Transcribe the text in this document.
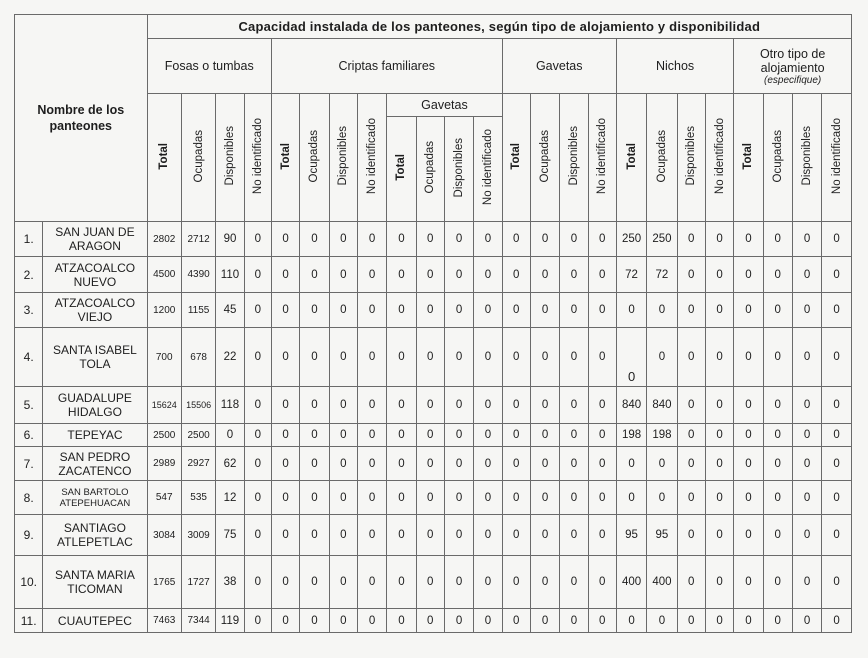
Nombre de los panteones		Capacidad instalada de los panteones, según tipo de alojamiento y disponibilidad																							
		Fosas o tumbas				Criptas familiares								Gavetas				Nichos				Otro tipo de alojamiento
(especifique)			

		Total	Ocupadas	Disponibles	No identificado	Total	Ocupadas	Disponibles	No identificado	Gavetas				Total	Ocupadas	Disponibles	No identificado	Total	Ocupadas	Disponibles	No identificado	Total	Ocupadas	Disponibles	No identificado
										Total	Ocupadas	Disponibles	No identificado												
1.	SAN JUAN DE ARAGON	2802	2712	90	0	0	0	0	0	0	0	0	0	0	0	0	0	250	250	0	0	0	0	0	0
2.	ATZACOALCO NUEVO	4500	4390	110	0	0	0	0	0	0	0	0	0	0	0	0	0	72	72	0	0	0	0	0	0
3.	ATZACOALCO VIEJO	1200	1155	45	0	0	0	0	0	0	0	0	0	0	0	0	0	0	0	0	0	0	0	0	0
4.	SANTA ISABEL TOLA	700	678	22	0	0	0	0	0	0	0	0	0	0	0	0	0	0	0	0	0	0	0	0	0
5.	GUADALUPE HIDALGO	15624	15506	118	0	0	0	0	0	0	0	0	0	0	0	0	0	840	840	0	0	0	0	0	0
6.	TEPEYAC	2500	2500	0	0	0	0	0	0	0	0	0	0	0	0	0	0	198	198	0	0	0	0	0	0
7.	SAN PEDRO ZACATENCO	2989	2927	62	0	0	0	0	0	0	0	0	0	0	0	0	0	0	0	0	0	0	0	0	0
8.	SAN BARTOLO ATEPEHUACAN	547	535	12	0	0	0	0	0	0	0	0	0	0	0	0	0	0	0	0	0	0	0	0	0
9.	SANTIAGO ATLEPETLAC	3084	3009	75	0	0	0	0	0	0	0	0	0	0	0	0	0	95	95	0	0	0	0	0	0
10.	SANTA MARIA TICOMAN	1765	1727	38	0	0	0	0	0	0	0	0	0	0	0	0	0	400	400	0	0	0	0	0	0
11.	CUAUTEPEC	7463	7344	119	0	0	0	0	0	0	0	0	0	0	0	0	0	0	0	0	0	0	0	0	0
